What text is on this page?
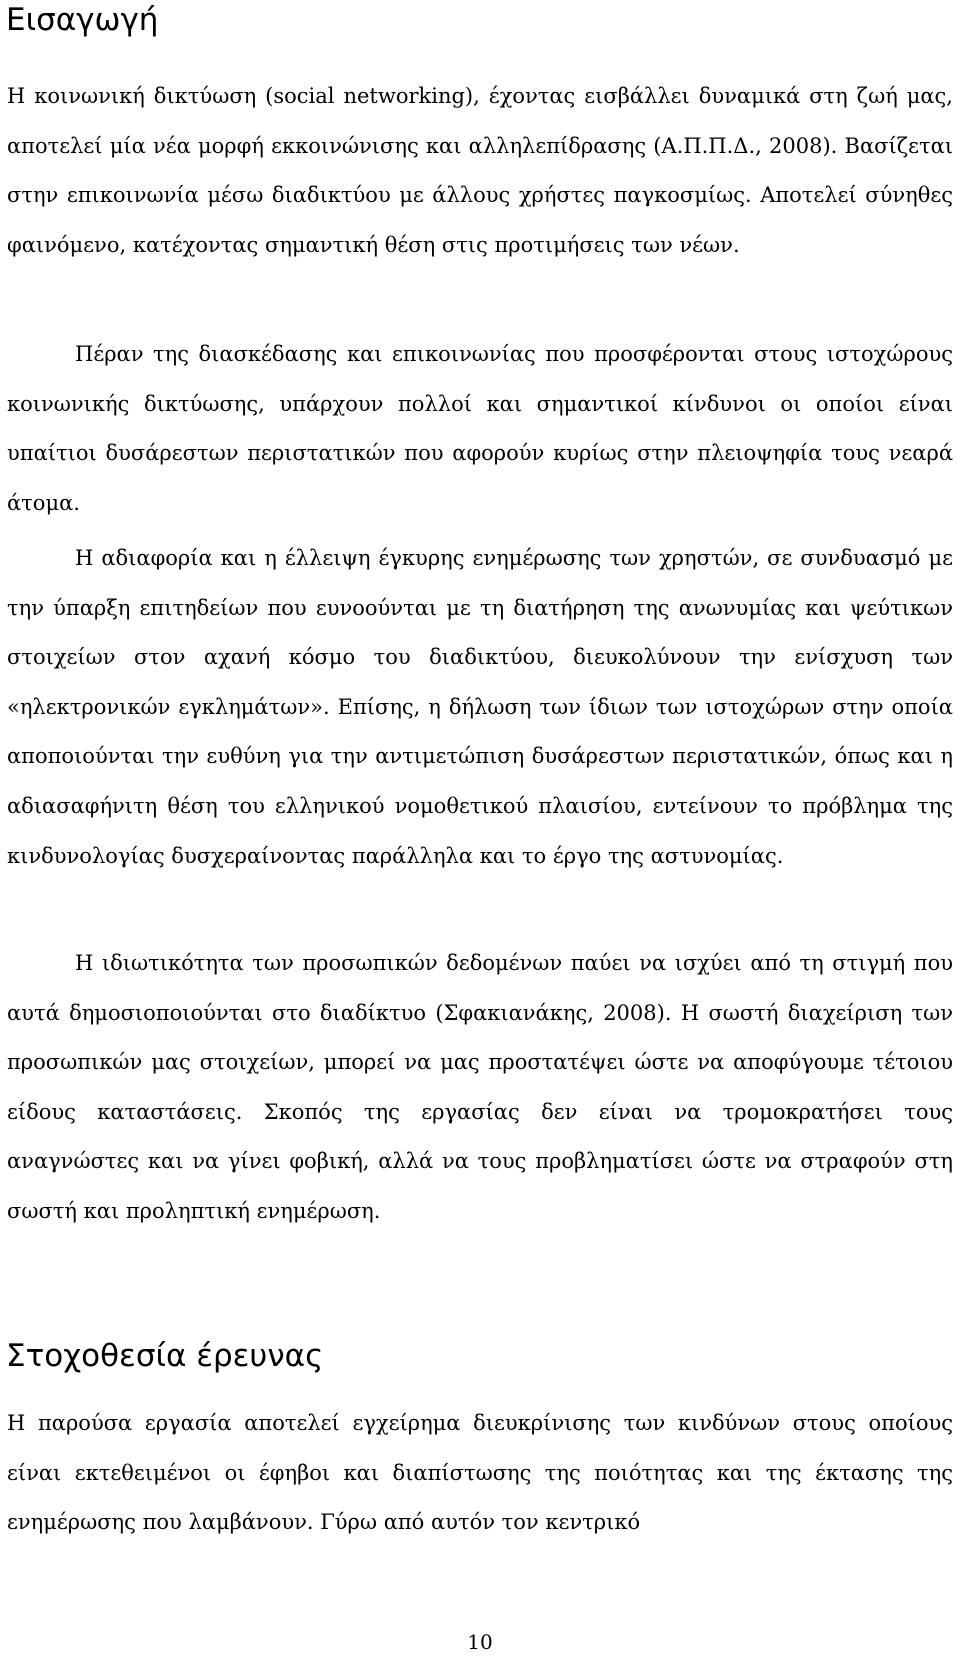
Εισαγωγή

Η κοινωνική δικτύωση (social networking), έχοντας εισβάλλει δυναμικά στη ζωή μας, αποτελεί μία νέα μορφή εκκοινώνισης και αλληλεπίδρασης (Α.Π.Π.Δ., 2008). Βασίζεται στην επικοινωνία μέσω διαδικτύου με άλλους χρήστες παγκοσμίως. Αποτελεί σύνηθες φαινόμενο, κατέχοντας σημαντική θέση στις προτιμήσεις των νέων.

Πέραν της διασκέδασης και επικοινωνίας που προσφέρονται στους ιστοχώρους κοινωνικής δικτύωσης, υπάρχουν πολλοί και σημαντικοί κίνδυνοι οι οποίοι είναι υπαίτιοι δυσάρεστων περιστατικών που αφορούν κυρίως στην πλειοψηφία τους νεαρά άτομα.

Η αδιαφορία και η έλλειψη έγκυρης ενημέρωσης των χρηστών, σε συνδυασμό με την ύπαρξη επιτηδείων που ευνοούνται με τη διατήρηση της ανωνυμίας και ψεύτικων στοιχείων στον αχανή κόσμο του διαδικτύου, διευκολύνουν την ενίσχυση των «ηλεκτρονικών εγκλημάτων». Επίσης, η δήλωση των ίδιων των ιστοχώρων στην οποία αποποιούνται την ευθύνη για την αντιμετώπιση δυσάρεστων περιστατικών, όπως και η αδιασαφήνιτη θέση του ελληνικού νομοθετικού πλαισίου, εντείνουν το πρόβλημα της κινδυνολογίας δυσχεραίνοντας παράλληλα και το έργο της αστυνομίας.

Η ιδιωτικότητα των προσωπικών δεδομένων παύει να ισχύει από τη στιγμή που αυτά δημοσιοποιούνται στο διαδίκτυο (Σφακιανάκης, 2008). Η σωστή διαχείριση των προσωπικών μας στοιχείων, μπορεί να μας προστατέψει ώστε να αποφύγουμε τέτοιου είδους καταστάσεις. Σκοπός της εργασίας δεν είναι να τρομοκρατήσει τους αναγνώστες και να γίνει φοβική, αλλά να τους προβληματίσει ώστε να στραφούν στη σωστή και προληπτική ενημέρωση.

Στοχοθεσία έρευνας

Η παρούσα εργασία αποτελεί εγχείρημα διευκρίνισης των κινδύνων στους οποίους είναι εκτεθειμένοι οι έφηβοι και διαπίστωσης της ποιότητας και της έκτασης της ενημέρωσης που λαμβάνουν. Γύρω από αυτόν τον κεντρικό

10
